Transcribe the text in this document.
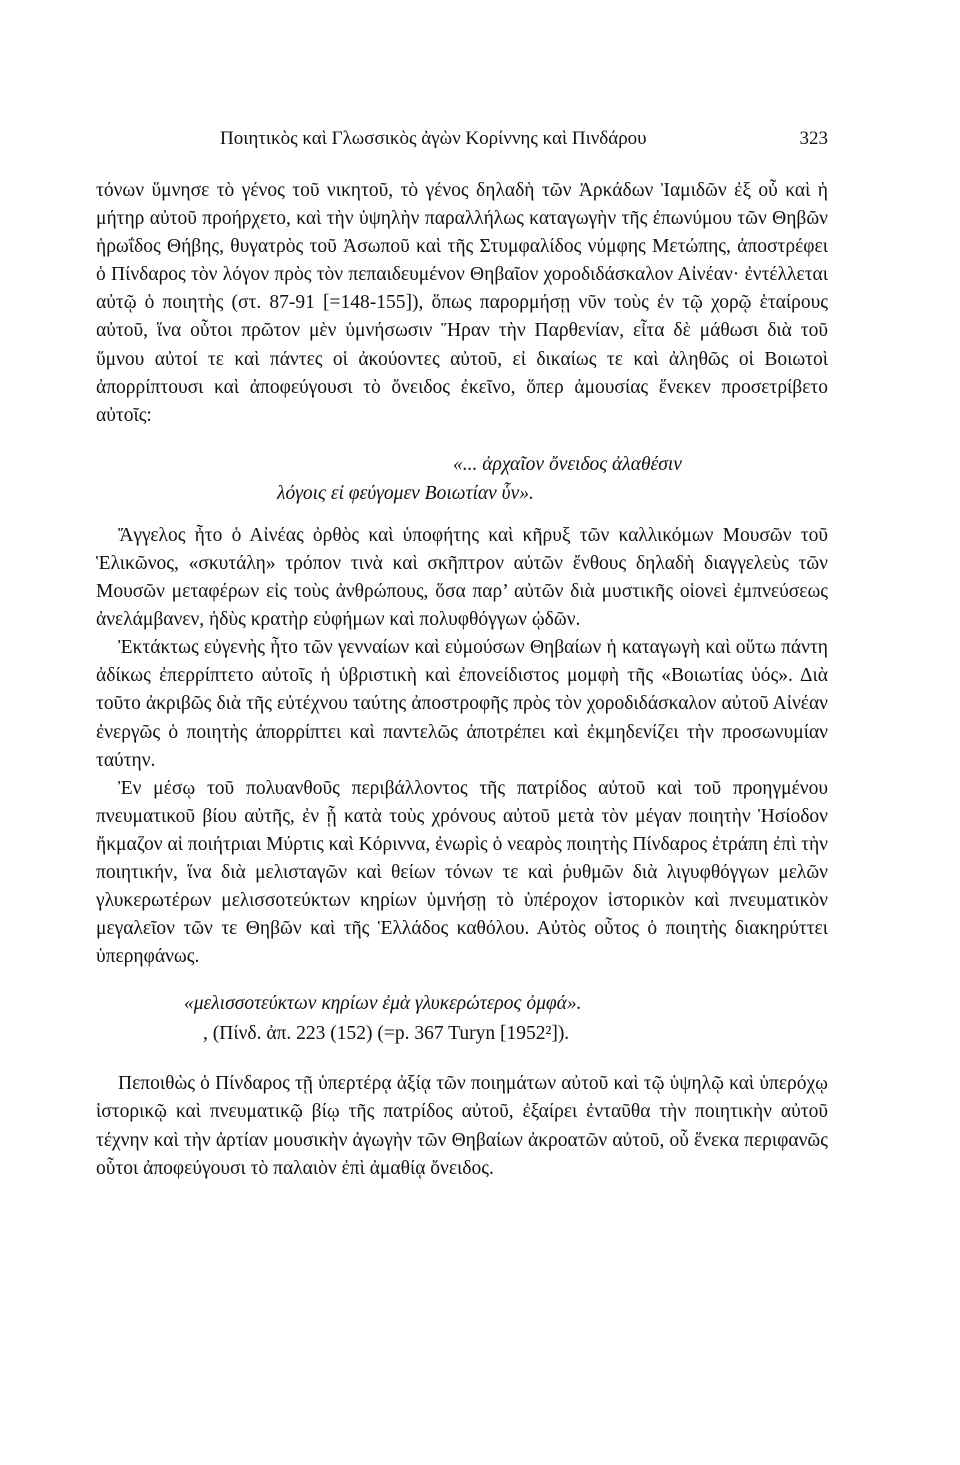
Ποιητικὸς καὶ Γλωσσικὸς ἀγὼν Κορίννης καὶ Πινδάρου	323

τόνων ὕμνησε τὸ γένος τοῦ νικητοῦ, τὸ γένος δηλαδὴ τῶν Ἀρκάδων Ἰαμιδῶν ἐξ οὗ καὶ ἡ μήτηρ αὐτοῦ προήρχετο, καὶ τὴν ὑψηλὴν παραλλήλως καταγωγὴν τῆς ἐπωνύμου τῶν Θηβῶν ἡρωΐδος Θήβης, θυγατρὸς τοῦ Ἀσωποῦ καὶ τῆς Στυμφαλίδος νύμφης Μετώπης, ἀποστρέφει ὁ Πίνδαρος τὸν λόγον πρὸς τὸν πεπαιδευμένον Θηβαῖον χοροδιδάσκαλον Αἰνέαν· ἐντέλλεται αὐτῷ ὁ ποιητὴς (στ. 87-91 [=148-155]), ὅπως παρορμήσῃ νῦν τοὺς ἐν τῷ χορῷ ἑταίρους αὐτοῦ, ἵνα οὗτοι πρῶτον μὲν ὑμνήσωσιν Ἥραν τὴν Παρθενίαν, εἶτα δὲ μάθωσι διὰ τοῦ ὕμνου αὐτοί τε καὶ πάντες οἱ ἀκούοντες αὐτοῦ, εἰ δικαίως τε καὶ ἀληθῶς οἱ Βοιωτοὶ ἀπορρίπτουσι καὶ ἀποφεύγουσι τὸ ὄνειδος ἐκεῖνο, ὅπερ ἀμουσίας ἕνεκεν προσετρίβετο αὐτοῖς:

«... ἀρχαῖον ὄνειδος ἀλαθέσιν
λόγοις εἰ φεύγομεν Βοιωτίαν ὗν».

Ἄγγελος ἦτο ὁ Αἰνέας ὀρθὸς καὶ ὑποφήτης καὶ κῆρυξ τῶν καλλικόμων Μουσῶν τοῦ Ἑλικῶνος, «σκυτάλη» τρόπον τινὰ καὶ σκῆπτρον αὐτῶν ἔνθους δηλαδὴ διαγγελεὺς τῶν Μουσῶν μεταφέρων εἰς τοὺς ἀνθρώπους, ὅσα παρ’ αὐτῶν διὰ μυστικῆς οἱονεὶ ἐμπνεύσεως ἀνελάμβανεν, ἡδὺς κρατὴρ εὐφήμων καὶ πολυφθόγγων ᾠδῶν.

Ἐκτάκτως εὐγενὴς ἦτο τῶν γενναίων καὶ εὐμούσων Θηβαίων ἡ καταγωγὴ καὶ οὕτω πάντη ἀδίκως ἐπερρίπτετο αὐτοῖς ἡ ὑβριστικὴ καὶ ἐπονείδιστος μομφὴ τῆς «Βοιωτίας ὑός». Διὰ τοῦτο ἀκριβῶς διὰ τῆς εὐτέχνου ταύτης ἀποστροφῆς πρὸς τὸν χοροδιδάσκαλον αὐτοῦ Αἰνέαν ἐνεργῶς ὁ ποιητὴς ἀπορρίπτει καὶ παντελῶς ἀποτρέπει καὶ ἐκμηδενίζει τὴν προσωνυμίαν ταύτην.

Ἐν μέσῳ τοῦ πολυανθοῦς περιβάλλοντος τῆς πατρίδος αὐτοῦ καὶ τοῦ προηγμένου πνευματικοῦ βίου αὐτῆς, ἐν ᾗ κατὰ τοὺς χρόνους αὐτοῦ μετὰ τὸν μέγαν ποιητὴν Ἡσίοδον ἤκμαζον αἱ ποιήτριαι Μύρτις καὶ Κόριννα, ἐνωρὶς ὁ νεαρὸς ποιητὴς Πίνδαρος ἐτράπη ἐπὶ τὴν ποιητικήν, ἵνα διὰ μελισταγῶν καὶ θείων τόνων τε καὶ ῥυθμῶν διὰ λιγυφθόγγων μελῶν γλυκερωτέρων μελισσοτεύκτων κηρίων ὑμνήσῃ τὸ ὑπέροχον ἱστορικὸν καὶ πνευματικὸν μεγαλεῖον τῶν τε Θηβῶν καὶ τῆς Ἑλλάδος καθόλου. Αὐτὸς οὗτος ὁ ποιητὴς διακηρύττει ὑπερηφάνως.

«μελισσοτεύκτων κηρίων ἐμὰ γλυκερώτερος ὀμφά».

, (Πίνδ. ἀπ. 223 (152) (=p. 367 Turyn [1952²]).

Πεποιθὼς ὁ Πίνδαρος τῇ ὑπερτέρᾳ ἀξίᾳ τῶν ποιημάτων αὐτοῦ καὶ τῷ ὑψηλῷ καὶ ὑπερόχῳ ἱστορικῷ καὶ πνευματικῷ βίῳ τῆς πατρίδος αὐτοῦ, ἐξαίρει ἐνταῦθα τὴν ποιητικὴν αὐτοῦ τέχνην καὶ τὴν ἀρτίαν μουσικὴν ἀγωγὴν τῶν Θηβαίων ἀκροατῶν αὐτοῦ, οὗ ἕνεκα περιφανῶς οὗτοι ἀποφεύγουσι τὸ παλαιὸν ἐπὶ ἀμαθίᾳ ὄνειδος.
